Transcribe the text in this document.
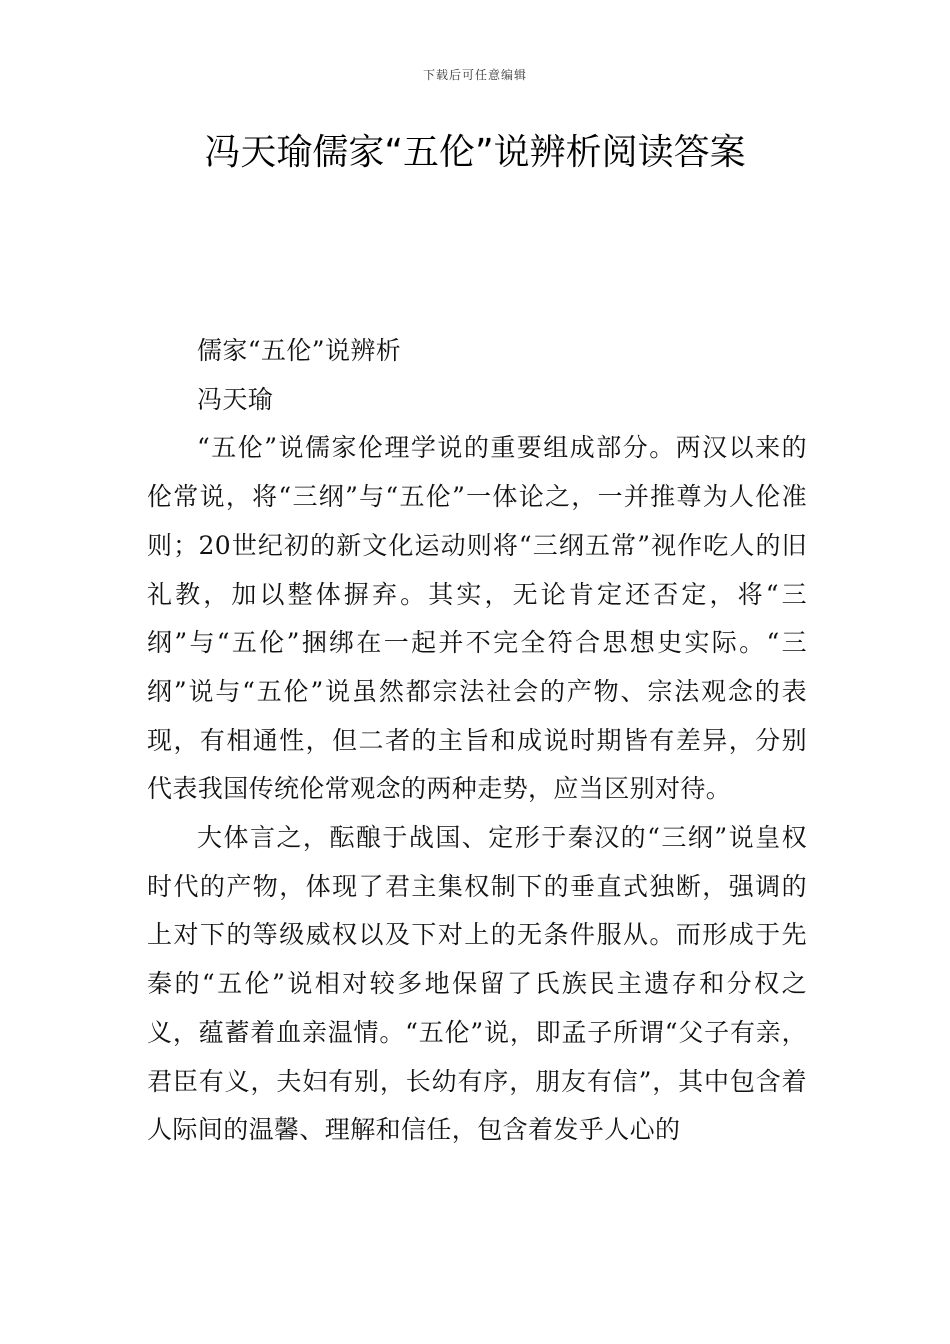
下载后可任意编辑
冯天瑜儒家“五伦”说辨析阅读答案

儒家“五伦”说辨析

冯天瑜

“五伦”说儒家伦理学说的重要组成部分。两汉以来的伦常说，将“三纲”与“五伦”一体论之，一并推尊为人伦准则；20世纪初的新文化运动则将“三纲五常”视作吃人的旧礼教，加以整体摒弃。其实，无论肯定还否定，将“三纲”与“五伦”捆绑在一起并不完全符合思想史实际。“三纲”说与“五伦”说虽然都宗法社会的产物、宗法观念的表现，有相通性，但二者的主旨和成说时期皆有差异，分别代表我国传统伦常观念的两种走势，应当区别对待。

大体言之，酝酿于战国、定形于秦汉的“三纲”说皇权时代的产物，体现了君主集权制下的垂直式独断，强调的上对下的等级威权以及下对上的无条件服从。而形成于先秦的“五伦”说相对较多地保留了氏族民主遗存和分权之义，蕴蓄着血亲温情。“五伦”说，即孟子所谓“父子有亲，君臣有义，夫妇有别，长幼有序，朋友有信”，其中包含着人际间的温馨、理解和信任，包含着发乎人心的
